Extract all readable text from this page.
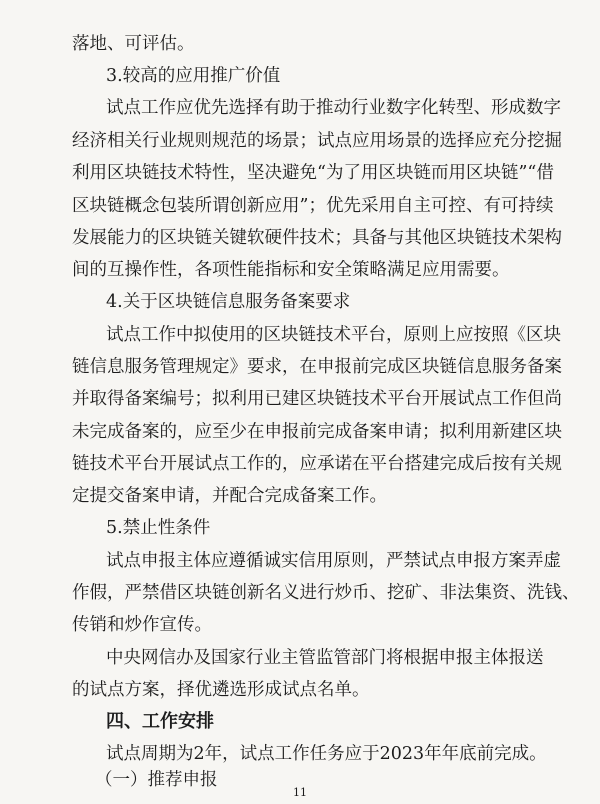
落地、可评估。
3.较高的应用推广价值
试点工作应优先选择有助于推动行业数字化转型、形成数字
经济相关行业规则规范的场景；试点应用场景的选择应充分挖掘
利用区块链技术特性，坚决避免“为了用区块链而用区块链”“借
区块链概念包装所谓创新应用”；优先采用自主可控、有可持续
发展能力的区块链关键软硬件技术；具备与其他区块链技术架构
间的互操作性，各项性能指标和安全策略满足应用需要。
4.关于区块链信息服务备案要求
试点工作中拟使用的区块链技术平台，原则上应按照《区块
链信息服务管理规定》要求，在申报前完成区块链信息服务备案
并取得备案编号；拟利用已建区块链技术平台开展试点工作但尚
未完成备案的，应至少在申报前完成备案申请；拟利用新建区块
链技术平台开展试点工作的，应承诺在平台搭建完成后按有关规
定提交备案申请，并配合完成备案工作。
5.禁止性条件
试点申报主体应遵循诚实信用原则，严禁试点申报方案弄虚
作假，严禁借区块链创新名义进行炒币、挖矿、非法集资、洗钱、
传销和炒作宣传。
中央网信办及国家行业主管监管部门将根据申报主体报送
的试点方案，择优遴选形成试点名单。
四、工作安排
试点周期为2年，试点工作任务应于2023年年底前完成。
（一）推荐申报
11
